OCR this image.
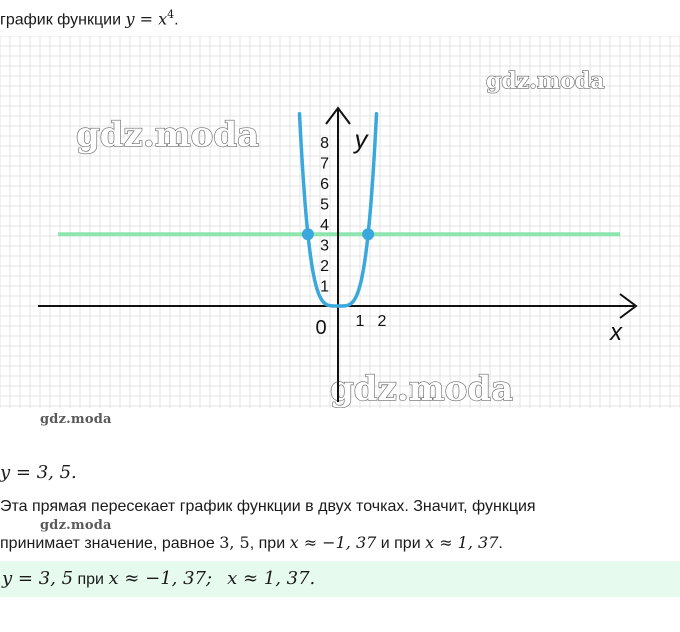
график функции $y = x^4$.
gdz.moda
gdz.moda
gdz.moda
1
2
3
4
5
6
7
8
1 2
0	x
y
gdz.moda
y = 3, 5.
Эта прямая пересекает график функции в двух точках. Значит, функция
gdz.moda
принимает значение, равное 3, 5, при x ≈ −1, 37 и при x ≈ 1, 37.
y = 3, 5 при x ≈ −1, 37; x ≈ 1, 37.
